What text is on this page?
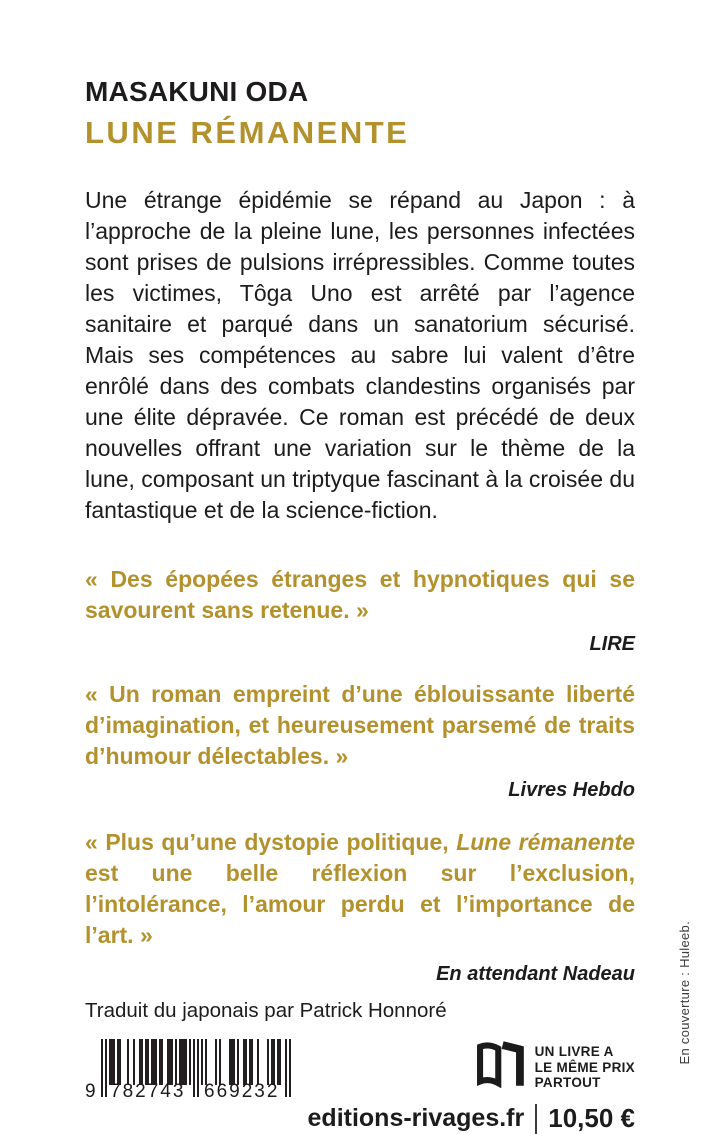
MASAKUNI ODA
LUNE RÉMANENTE

Une étrange épidémie se répand au Japon : à l’approche de la pleine lune, les personnes infectées sont prises de pulsions irrépressibles. Comme toutes les victimes, Tôga Uno est arrêté par l’agence sanitaire et parqué dans un sanatorium sécurisé. Mais ses compétences au sabre lui valent d’être enrôlé dans des combats clandestins organisés par une élite dépravée. Ce roman est précédé de deux nouvelles offrant une variation sur le thème de la lune, composant un triptyque fascinant à la croisée du fantastique et de la science-fiction.

« Des épopées étranges et hypnotiques qui se savourent sans retenue. »
LIRE
« Un roman empreint d’une éblouissante liberté d’imagination, et heureusement parsemé de traits d’humour délectables. »
Livres Hebdo
« Plus qu’une dystopie politique, Lune rémanente est une belle réflexion sur l’exclusion, l’intolérance, l’amour perdu et l’importance de l’art. »
En attendant Nadeau
Traduit du japonais par Patrick Honnoré
9 782743 669232
UN LIVRE A
LE MÊME PRIX
PARTOUT
editions-rivages.fr 10,50 €
En couverture : Huleeb.
